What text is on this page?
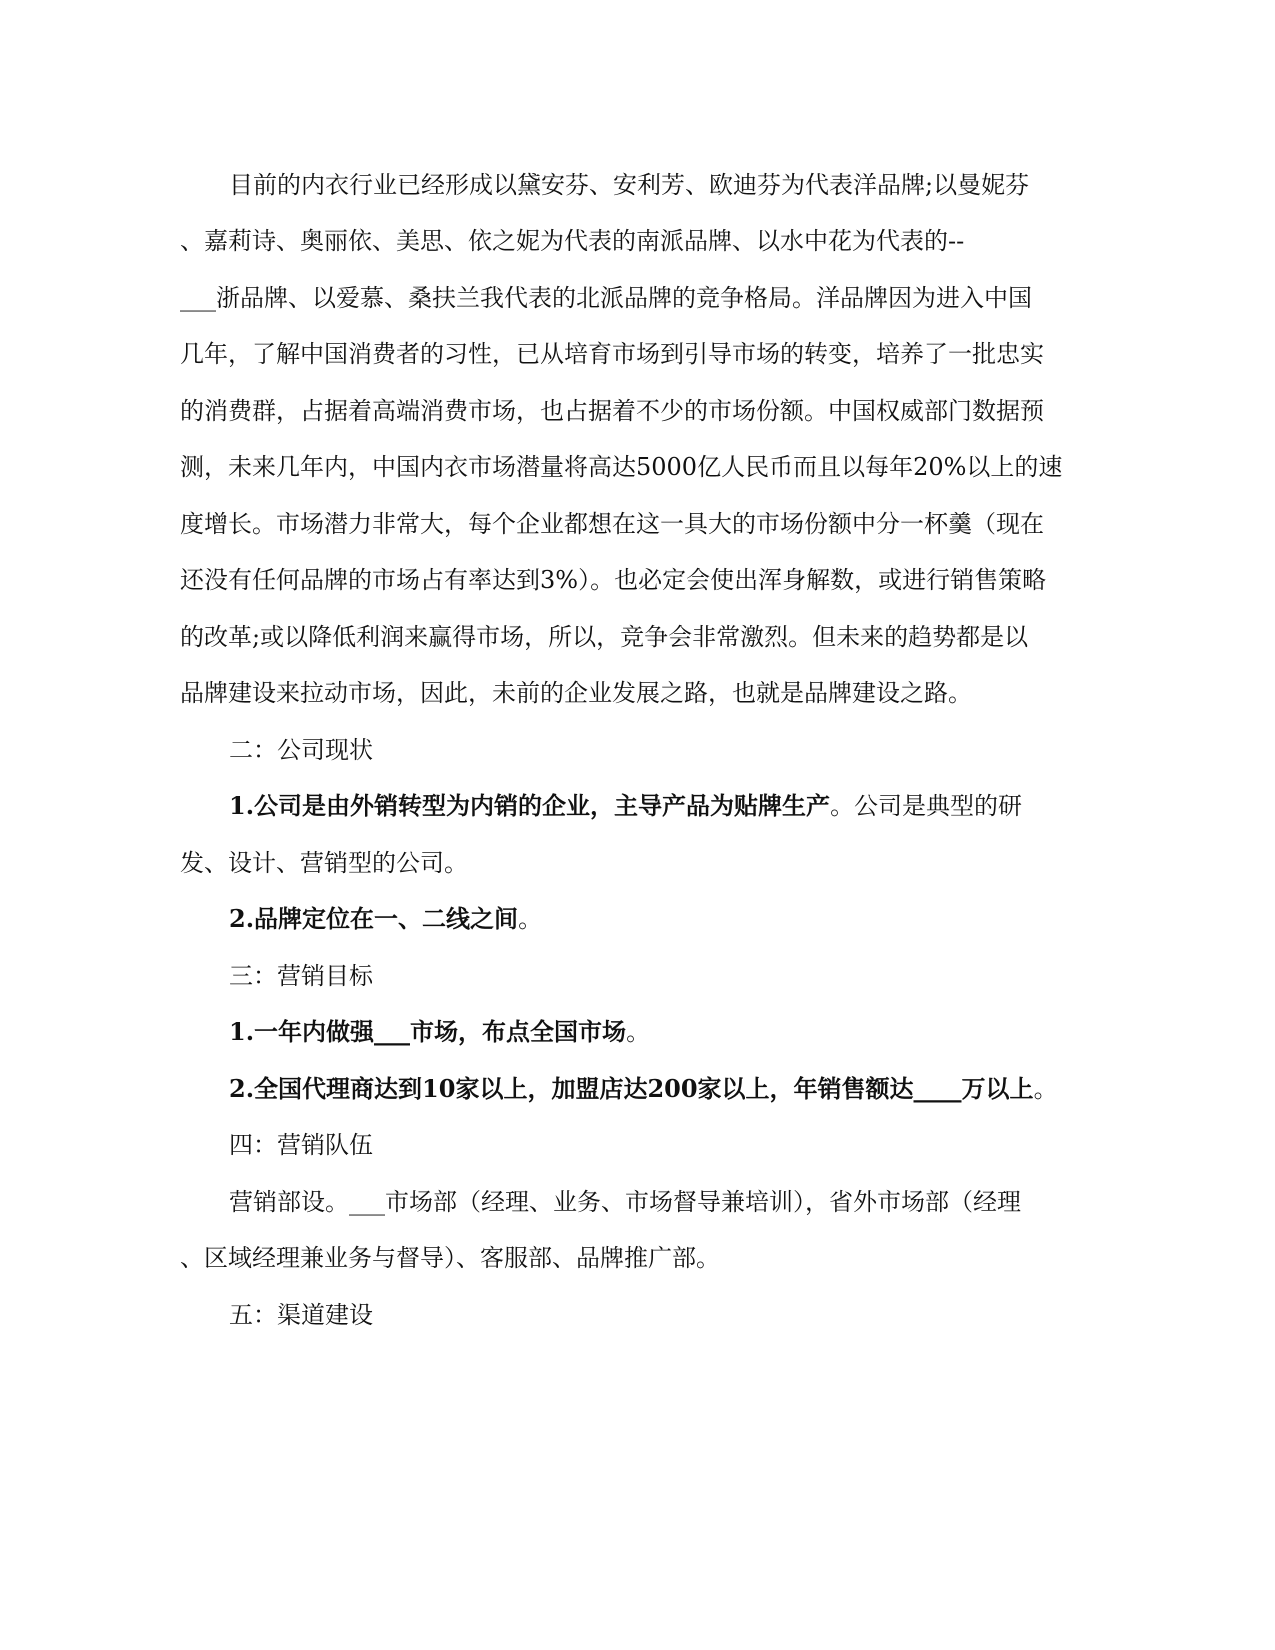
目前的内衣行业已经形成以黛安芬、安利芳、欧迪芬为代表洋品牌;以曼妮芬
、嘉莉诗、奥丽依、美思、依之妮为代表的南派品牌、以水中花为代表的--
___浙品牌、以爱慕、桑扶兰我代表的北派品牌的竞争格局。洋品牌因为进入中国
几年，了解中国消费者的习性，已从培育市场到引导市场的转变，培养了一批忠实
的消费群，占据着高端消费市场，也占据着不少的市场份额。中国权威部门数据预
测，未来几年内，中国内衣市场潜量将高达5000亿人民币而且以每年20%以上的速
度增长。市场潜力非常大，每个企业都想在这一具大的市场份额中分一杯羹（现在
还没有任何品牌的市场占有率达到3%）。也必定会使出浑身解数，或进行销售策略
的改革;或以降低利润来赢得市场，所以，竞争会非常激烈。但未来的趋势都是以
品牌建设来拉动市场，因此，未前的企业发展之路，也就是品牌建设之路。
二：公司现状
1.公司是由外销转型为内销的企业，主导产品为贴牌生产。公司是典型的研
发、设计、营销型的公司。
2.品牌定位在一、二线之间。
三：营销目标
1.一年内做强___市场，布点全国市场。
2.全国代理商达到10家以上，加盟店达200家以上，年销售额达____万以上。
四：营销队伍
营销部设。___市场部（经理、业务、市场督导兼培训），省外市场部（经理
、区域经理兼业务与督导）、客服部、品牌推广部。
五：渠道建设
